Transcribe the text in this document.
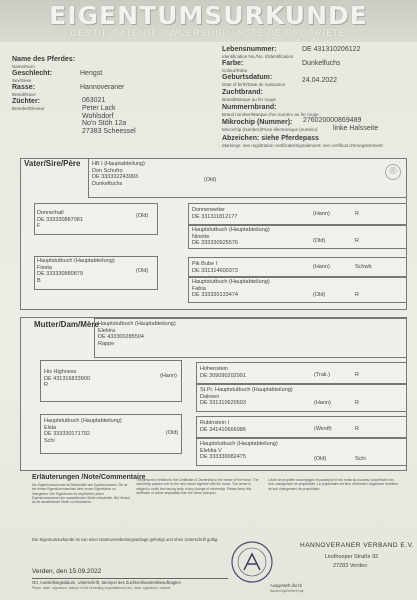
EIGENTUMSURKUNDE
CERTIFICATE OF OWNERSHIP · ACTE DE PROPRIÉTÉ
Name des Pferdes:
Name/Nom
Geschlecht:
Sex/Sexe
Hengst
Rasse:
Breed/Race
Hannoveraner
Züchter:
Breeder/Eleveur
063021
Peter Lack
Wohlsdorf
No'n Stöh 12a
27383 Scheessel
Lebensnummer:
Identification No./No. d'identification
DE 431310206122
Farbe:
Colour/Robe
Dunkelfuchs
Geburtsdatum:
Date of birth/Date de naissance
24.04.2022
Zuchtbrand:
Brand/Marque au fer rouge
Nummernbrand:
Brand number/Marque d'un numéro au fer rouge
Mikrochip (Nummer):
Microchip (number)/Puce électronique (numéro)
276020000869489
linke Halsseite
Abzeichen: siehe Pferdepass
Markings: see registration certificate/Signalement: voir certificat d'enregistrement
Vater/Sire/Père
®
HB I (Hauptabteilung)
Don Schufro
DE 333332243993
Dunkelfuchs
(Old)
Donnerhall
DE 333330887081
F
(Old)
Donnerwetter
DE 331311812177	(Hann)	R
Hauptstutbuch (Hauptabteilung)
Ninette
DE 333330925576	(Old)	R
Hauptstutbuch (Hauptabteilung)
Fiesta
DE 333330880879
B
(Old)
Pik Bube I
DE 331314600373
(Hann)	Schwb
Hauptstutbuch (Hauptabteilung)
Fabia
DE 333330133474	(Old)	R
Mutter/Dam/Mère Hauptstutbuch (Hauptabteilung)
Elektra
DE 433300285504
Rappe
His Highness
DE 431316833900
R
(Hann)
Hohenstein
DE 309090202991	(Trak.)	R
St.Pr. Hauptstutbuch (Hauptabteilung)
Dalreen
DE 331310620593	(Hann)	R
Hauptstutbuch (Hauptabteilung)
Elsta
DE 333330171792
Schi
(Old)
Rubinstein I
DE 341410666986	(Westf)	R
Hauptstutbuch (Hauptabteilung)
Elektia V
DE 333330082475	(Old)	Schi
Erläuterungen /Note/Commentaire
Die Eigentumsurkunde ist Bestandteil des Equidenpasses. Sie ist bei einem Eigentümerwechsel dem neuen Eigentümer zu übergeben. Der Eigentümer ist verpflichtet, jeden Eigentumswechsel der ausstellenden Stelle mitzuteilen. Bei Verlust ist die ausstellende Stelle zu informieren.
The present is entitled to the Certificate of Ownership in the owner of the horse. The ownership passes over to the new owner together with the horse. The owner is obliged to notify the issuing body of any change of ownership. Please keep this certificate of owner separately from the horse passport.
L'acte de propriété accompagne le passeport et est remis au nouveau propriétaire lors d'un changement de propriétaire. Le propriétaire est tenu d'informer l'organisme émetteur de tout changement de propriétaire.
Die Eigentumsurkunde ist von einer Datenverarbeitungsanlage gefertigt und ohne Unterschrift gültig.
HANNOVERANER VERBAND E.V.
Lindhooper Straße 92
27283 Verden
Verden, den 15.09.2022
Ort, Ausstellungsdatum, Unterschrift, Stempel des Zuchtverbandes/Beauftragten
Place, date, signature, stamp of the breeding organisation/Lieu, date, signature, cachet	Ausgestellt durch
Issued by/Délivré par
